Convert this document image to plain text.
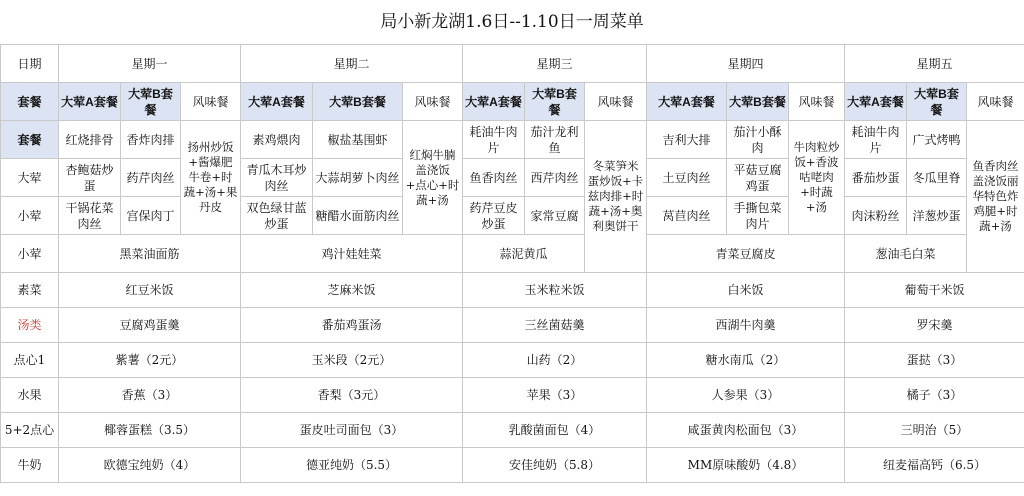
局小新龙湖1.6日--1.10日一周菜单
日期	星期一			星期二			星期三			星期四			星期五		
套餐	大荤A套餐	大荤B套餐	风味餐	大荤A套餐	大荤B套餐	风味餐	大荤A套餐	大荤B套餐	风味餐	大荤A套餐	大荤B套餐	风味餐	大荤A套餐	大荤B套餐	风味餐
套餐	红烧排骨	香炸肉排	扬州炒饭+酱爆肥牛卷+时蔬+汤+果丹皮	素鸡煨肉	椒盐基围虾	红焖牛腩盖浇饭+点心+时蔬+汤	耗油牛肉片	茄汁龙利鱼	冬菜笋米蛋炒饭+卡兹肉排+时蔬+汤+奥利奥饼干	吉利大排	茄汁小酥肉	牛肉粒炒饭+香波咕咾肉+时蔬+汤	耗油牛肉片	广式烤鸭	鱼香肉丝盖浇饭丽华特色炸鸡腿+时蔬+汤
大荤	杏鲍菇炒蛋	药芹肉丝		青瓜木耳炒肉丝	大蒜胡萝卜肉丝		鱼香肉丝	西芹肉丝		土豆肉丝	平菇豆腐鸡蛋		番茄炒蛋	冬瓜里脊	
小荤	干锅花菜肉丝	宫保肉丁		双色绿甘蓝炒蛋	糖醋水面筋肉丝		药芹豆皮炒蛋	家常豆腐		莴苣肉丝	手撕包菜肉片		肉沫粉丝	洋葱炒蛋	
小荤	黑菜油面筋			鸡汁娃娃菜			蒜泥黄瓜			青菜豆腐皮			葱油毛白菜		
素菜	红豆米饭			芝麻米饭			玉米粒米饭			白米饭			葡萄干米饭		
汤类	豆腐鸡蛋羹			番茄鸡蛋汤			三丝菌菇羹			西湖牛肉羹			罗宋羹		
点心1	紫薯（2元）			玉米段（2元）			山药（2）			糖水南瓜（2）			蛋挞（3）		
水果	香蕉（3）			香梨（3元）			苹果（3）			人参果（3）			橘子（3）		
5+2点心	椰蓉蛋糕（3.5）			蛋皮吐司面包（3）			乳酸菌面包（4）			咸蛋黄肉松面包（3）			三明治（5）		
牛奶	欧德宝纯奶（4）			德亚纯奶（5.5）			安佳纯奶（5.8）			MM原味酸奶（4.8）			纽麦福高钙（6.5）		
